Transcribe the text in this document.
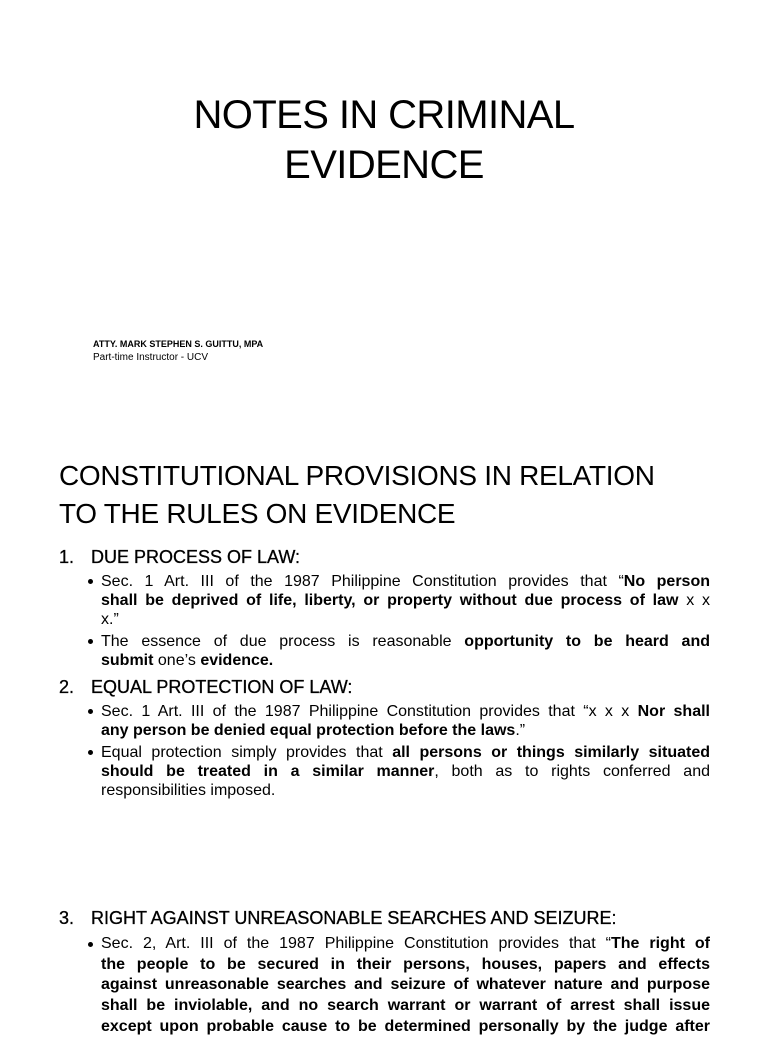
NOTES IN CRIMINAL
EVIDENCE
ATTY. MARK STEPHEN S. GUITTU, MPA
Part-time Instructor - UCV
CONSTITUTIONAL PROVISIONS IN RELATION
TO THE RULES ON EVIDENCE
1. DUE PROCESS OF LAW:
Sec. 1 Art. III of the 1987 Philippine Constitution provides that “No person
shall be deprived of life, liberty, or property without due process of law x x
x.”
The essence of due process is reasonable opportunity to be heard and
submit one’s evidence.
2. EQUAL PROTECTION OF LAW:
Sec. 1 Art. III of the 1987 Philippine Constitution provides that “x x x Nor shall
any person be denied equal protection before the laws.”
Equal protection simply provides that all persons or things similarly situated
should be treated in a similar manner, both as to rights conferred and
responsibilities imposed.
3. RIGHT AGAINST UNREASONABLE SEARCHES AND SEIZURE:
Sec. 2, Art. III of the 1987 Philippine Constitution provides that “The right of
the people to be secured in their persons, houses, papers and effects
against unreasonable searches and seizure of whatever nature and purpose
shall be inviolable, and no search warrant or warrant of arrest shall issue
except upon probable cause to be determined personally by the judge after
